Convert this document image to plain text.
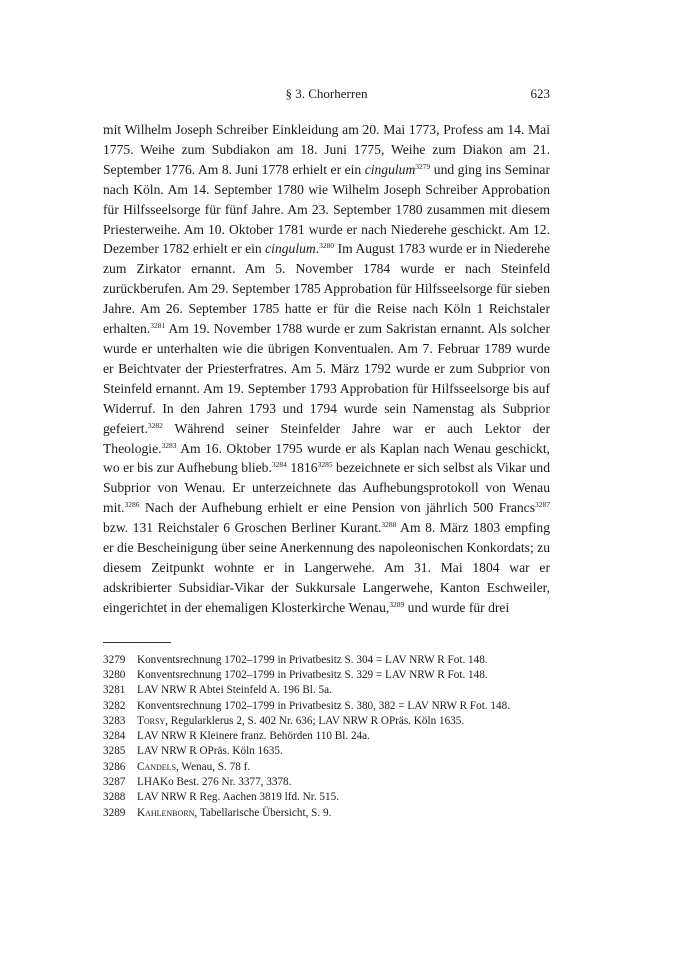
§ 3. Chorherren	623
mit Wilhelm Joseph Schreiber Einkleidung am 20. Mai 1773, Profess am 14. Mai 1775. Weihe zum Subdiakon am 18. Juni 1775, Weihe zum Diakon am 21. September 1776. Am 8. Juni 1778 erhielt er ein cingulum$^{3279}$ und ging ins Seminar nach Köln. Am 14. September 1780 wie Wilhelm Joseph Schreiber Approbation für Hilfsseelsorge für fünf Jahre. Am 23. September 1780 zusammen mit diesem Priesterweihe. Am 10. Oktober 1781 wurde er nach Niederehe geschickt. Am 12. Dezember 1782 erhielt er ein cingulum.$^{3280}$ Im August 1783 wurde er in Niederehe zum Zirkator ernannt. Am 5. November 1784 wurde er nach Steinfeld zurückberufen. Am 29. September 1785 Approbation für Hilfsseelsorge für sieben Jahre. Am 26. September 1785 hatte er für die Reise nach Köln 1 Reichstaler erhalten.$^{3281}$ Am 19. November 1788 wurde er zum Sakristan ernannt. Als solcher wurde er unterhalten wie die übrigen Konventualen. Am 7. Februar 1789 wurde er Beichtvater der Priesterfratres. Am 5. März 1792 wurde er zum Subprior von Steinfeld ernannt. Am 19. September 1793 Approbation für Hilfsseelsorge bis auf Widerruf. In den Jahren 1793 und 1794 wurde sein Namenstag als Subprior gefeiert.$^{3282}$ Während seiner Steinfelder Jahre war er auch Lektor der Theologie.$^{3283}$ Am 16. Oktober 1795 wurde er als Kaplan nach Wenau geschickt, wo er bis zur Aufhebung blieb.$^{3284}$ $1816^{3285}$ bezeichnete er sich selbst als Vikar und Subprior von Wenau. Er unterzeichnete das Aufhebungsprotokoll von Wenau mit.$^{3286}$ Nach der Aufhebung erhielt er eine Pension von jährlich 500 Francs$^{3287}$ bzw. 131 Reichstaler 6 Groschen Berliner Kurant.$^{3288}$ Am 8. März 1803 empfing er die Bescheinigung über seine Anerkennung des napoleonischen Konkordats; zu diesem Zeitpunkt wohnte er in Langerwehe. Am 31. Mai 1804 war er adskribierter Subsidiar-Vikar der Sukkursale Langerwehe, Kanton Eschweiler, eingerichtet in der ehemaligen Klosterkirche Wenau,$^{3289}$ und wurde für drei
3279	Konventsrechnung 1702–1799 in Privatbesitz S. 304 = LAV NRW R Fot. 148.
3280	Konventsrechnung 1702–1799 in Privatbesitz S. 329 = LAV NRW R Fot. 148.
3281	LAV NRW R Abtei Steinfeld A. 196 Bl. 5a.
3282	Konventsrechnung 1702–1799 in Privatbesitz S. 380, 382 = LAV NRW R Fot. 148.
3283	Torsy, Regularklerus 2, S. 402 Nr. 636; LAV NRW R OPräs. Köln 1635.
3284	LAV NRW R Kleinere franz. Behörden 110 Bl. 24a.
3285	LAV NRW R OPräs. Köln 1635.
3286	Candels, Wenau, S. 78 f.
3287	LHAKo Best. 276 Nr. 3377, 3378.
3288	LAV NRW R Reg. Aachen 3819 lfd. Nr. 515.
3289	Kahlenborn, Tabellarische Übersicht, S. 9.
